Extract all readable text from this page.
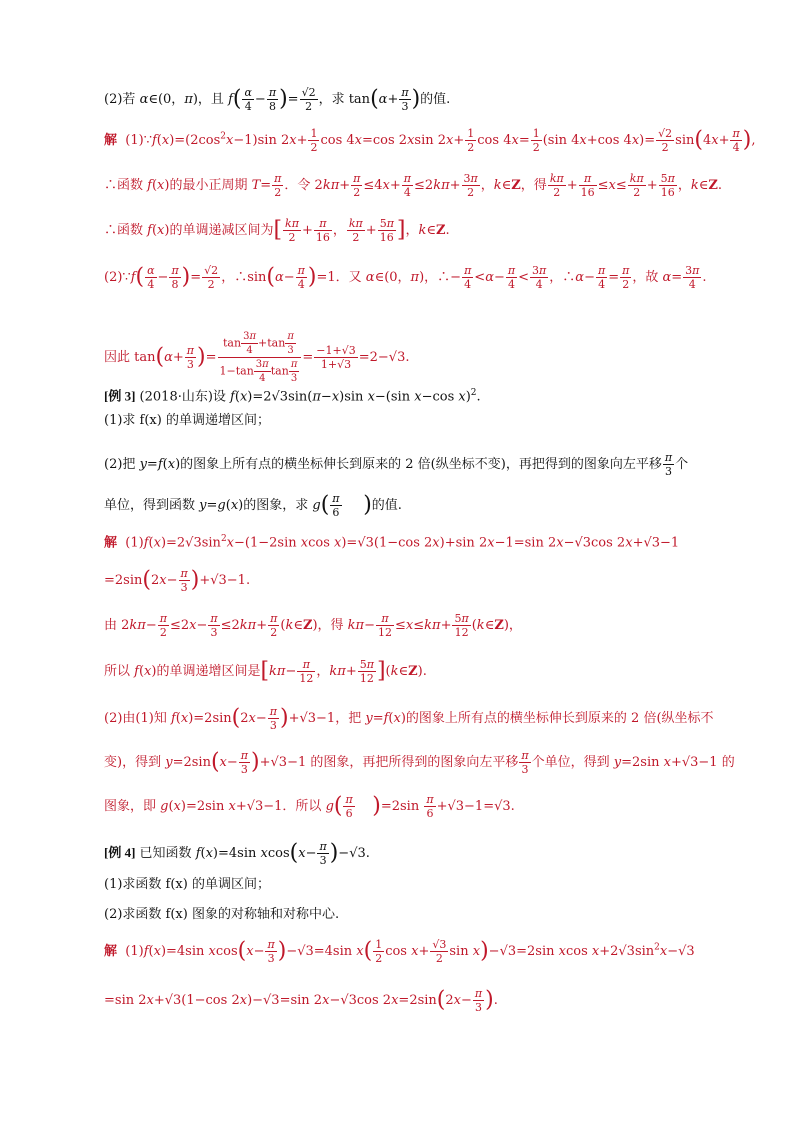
(2)若 α∈(0，π)，且 $f( \frac{\alpha}{4} - \frac{\pi}{8}$ )= $\frac{√2}{2}$ ，求 $\tan(\alpha+ \frac{\pi}{3}$ )的值.
解  $(1)\because f(x)=(2\cos^2x-1)\sin$ $2x+ \frac{1}{2}$ cos 4x=cos 2xsin $2x+ \frac{1}{2}$ $\cos 4x= \frac{1}{2} (\sin$ 4x+cos $4x)= \frac{√2}{2} \sin(4x+ \frac{\pi}{4}$ ),
∴函数 f(x)的最小正周期 $T= \frac{\pi}{2}$ ．令 $2k\pi+ \frac{\pi}{2} \le 4x+ \frac{\pi}{4} \le 2k\pi+ \frac{3\pi}{2}$ ，k∈Z，得 $\frac{k\pi}{2} + \frac{\pi}{16} \le x\le \frac{k\pi}{2} + \frac{5\pi}{16}$ ，k∈Z.
∴函数 f(x)的单调递减区间为[ $\frac{k\pi}{2} + \frac{\pi}{16}$ ， $\frac{k\pi}{2} + \frac{5\pi}{16}$ ]，k∈Z.
(2)∵f( $\frac{\alpha}{4} - \frac{\pi}{8}$ )= $\frac{√2}{2}$ ，∴sin(α− $\frac{\pi}{4} )=1$．又 α∈(0，π)，∴− $\frac{\pi}{4} <\alpha- \frac{\pi}{4} < \frac{3\pi}{4}$ ，∴α− $\frac{\pi}{4} = \frac{\pi}{2}$ ，故 $\alpha= \frac{3\pi}{4}$ .
因此 $\tan(\alpha+ \frac{\pi}{3}$ )= $\frac{\tan \frac{3\pi}{4} +\tan \frac{\pi}{3}}{1-\tan \frac{3\pi}{4} \tan \frac{\pi}{3}} = \frac{-1+√3}{1+√3} =2-√3$.
[例 3] (2018·山东)设 f(x)=2√3sin(π−x)sin x−(sin x−cos x)$^2$.
(1)求 f(x) 的单调递增区间；
(2)把 y=f(x)的图象上所有点的横坐标伸长到原来的 2 倍(纵坐标不变)，再把得到的图象向左平移 $\frac{\pi}{3}$ 个
单位，得到函数 y=g(x)的图象，求 $g( \frac{\pi}{6}$ )的值.
解  $(1)f(x)=2√3\sin^2x-(1-2\sin$ xcos x)=√3(1−cos 2x)+sin 2x−1=sin 2x−√3cos 2x+√3−1
$=2\sin(2x- \frac{\pi}{3} )+√3-1$.
由 $2k\pi- \frac{\pi}{2} \le 2x- \frac{\pi}{3} \le 2k\pi+ \frac{\pi}{2}$ (k∈Z)，得 $k\pi- \frac{\pi}{12} \le x\le k\pi+ \frac{5\pi}{12}$ (k∈Z)，
所以 f(x)的单调递增区间是[$k\pi- \frac{\pi}{12}$ ，$k\pi+ \frac{5\pi}{12}$ ](k∈Z).
(2)由(1)知 $f(x)=2\sin(2x- \frac{\pi}{3} )+√3-1$，把 y=f(x)的图象上所有点的横坐标伸长到原来的 2 倍(纵坐标不
变)，得到 $y=2\sin(x- \frac{\pi}{3} )+√3-1$ 的图象，再把所得到的图象向左平移 $\frac{\pi}{3}$ 个单位，得到 y=2sin x+√3−1 的
图象，即 g(x)=2sin x+√3−1．所以 $g( \frac{\pi}{6} )=2\sin \frac{\pi}{6} +√3-1=√3$.
[例 4] 已知函数 f(x)=4sin $xcos(x- \frac{\pi}{3} )-√3$.
(1)求函数 f(x) 的单调区间；
(2)求函数 f(x) 图象的对称轴和对称中心.
解  (1)f(x)=4sin $xcos(x- \frac{\pi}{3} )-√3=4\sin$ $x( \frac{1}{2}$ $\cos x+ \frac{√3}{2}$ sin x)−√3=2sin xcos $x+2√3\sin^2x-√3$
=sin 2x+√3(1−cos 2x)−√3=sin 2x−√3cos $2x=2\sin(2x- \frac{\pi}{3}$ ).
